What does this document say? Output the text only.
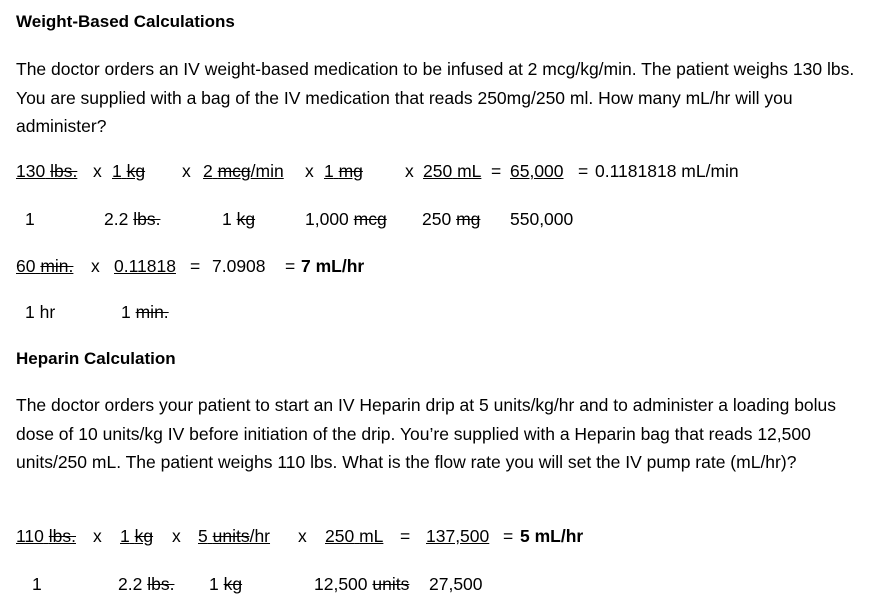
Weight-Based Calculations
The doctor orders an IV weight-based medication to be infused at 2 mcg/kg/min. The patient weighs 130 lbs. You are supplied with a bag of the IV medication that reads 250mg/250 ml. How many mL/hr will you administer?
130 lbs. x 1 kg x 2 mcg/min x 1 mg x 250 mL = 65,000 = 0.1181818 mL/min
1	2.2 lbs.	1 kg	1,000 mcg 250 mg 550,000
60 min. x 0.11818 = 7.0908 = 7 mL/hr
1 hr	1 min.
Heparin Calculation
The doctor orders your patient to start an IV Heparin drip at 5 units/kg/hr and to administer a loading bolus dose of 10 units/kg IV before initiation of the drip. You’re supplied with a Heparin bag that reads 12,500 units/250 mL. The patient weighs 110 lbs. What is the flow rate you will set the IV pump rate (mL/hr)?
110 lbs. x 1 kg x 5 units/hr x 250 mL = 137,500 = 5 mL/hr
1	2.2 lbs. 1 kg	12,500 units 27,500
